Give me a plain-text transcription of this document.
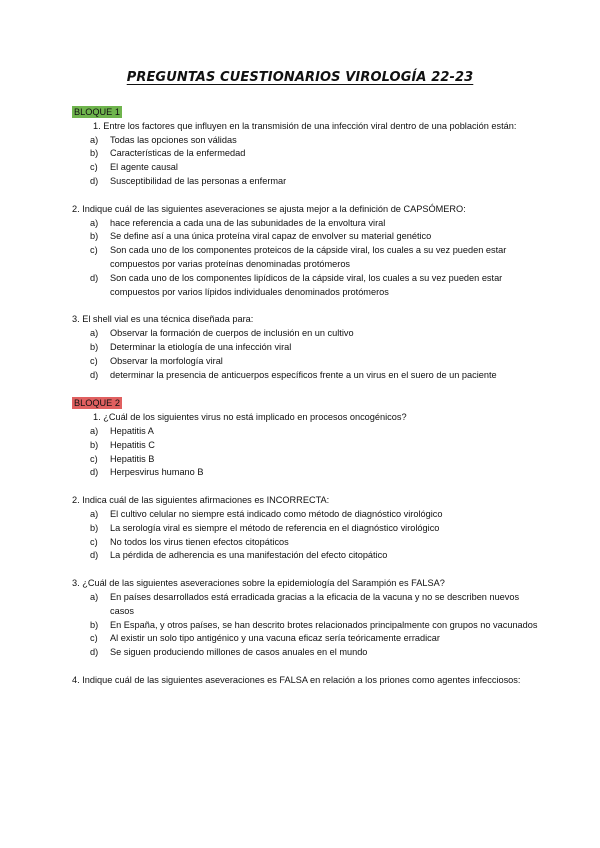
PREGUNTAS CUESTIONARIOS VIROLOGÍA 22-23
BLOQUE 1

1. Entre los factores que influyen en la transmisión de una infección viral dentro de una población están:

a) Todas las opciones son válidas
b) Características de la enfermedad
c) El agente causal
d) Susceptibilidad de las personas a enfermar

2. Indique cuál de las siguientes aseveraciones se ajusta mejor a la definición de CAPSÓMERO:

a) hace referencia a cada una de las subunidades de la envoltura viral
b) Se define así a una única proteína viral capaz de envolver su material genético
c) Son cada uno de los componentes proteicos de la cápside viral, los cuales a su vez pueden estar compuestos por varias proteínas denominadas protómeros
d) Son cada uno de los componentes lipídicos de la cápside viral, los cuales a su vez pueden estar compuestos por varios lípidos individuales denominados protómeros

3. El shell vial es una técnica diseñada para:

a) Observar la formación de cuerpos de inclusión en un cultivo
b) Determinar la etiología de una infección viral
c) Observar la morfología viral
d) determinar la presencia de anticuerpos específicos frente a un virus en el suero de un paciente
BLOQUE 2

1. ¿Cuál de los siguientes virus no está implicado en procesos oncogénicos?

a) Hepatitis A
b) Hepatitis C
c) Hepatitis B
d) Herpesvirus humano B

2. Indica cuál de las siguientes afirmaciones es INCORRECTA:

a) El cultivo celular no siempre está indicado como método de diagnóstico virológico
b) La serología viral es siempre el método de referencia en el diagnóstico virológico
c) No todos los virus tienen efectos citopáticos
d) La pérdida de adherencia es una manifestación del efecto citopático

3. ¿Cuál de las siguientes aseveraciones sobre la epidemiología del Sarampión es FALSA?

a) En países desarrollados está erradicada gracias a la eficacia de la vacuna y no se describen nuevos casos
b) En España, y otros países, se han descrito brotes relacionados principalmente con grupos no vacunados
c) Al existir un solo tipo antigénico y una vacuna eficaz sería teóricamente erradicar
d) Se siguen produciendo millones de casos anuales en el mundo

4. Indique cuál de las siguientes aseveraciones es FALSA en relación a los priones como agentes infecciosos:
